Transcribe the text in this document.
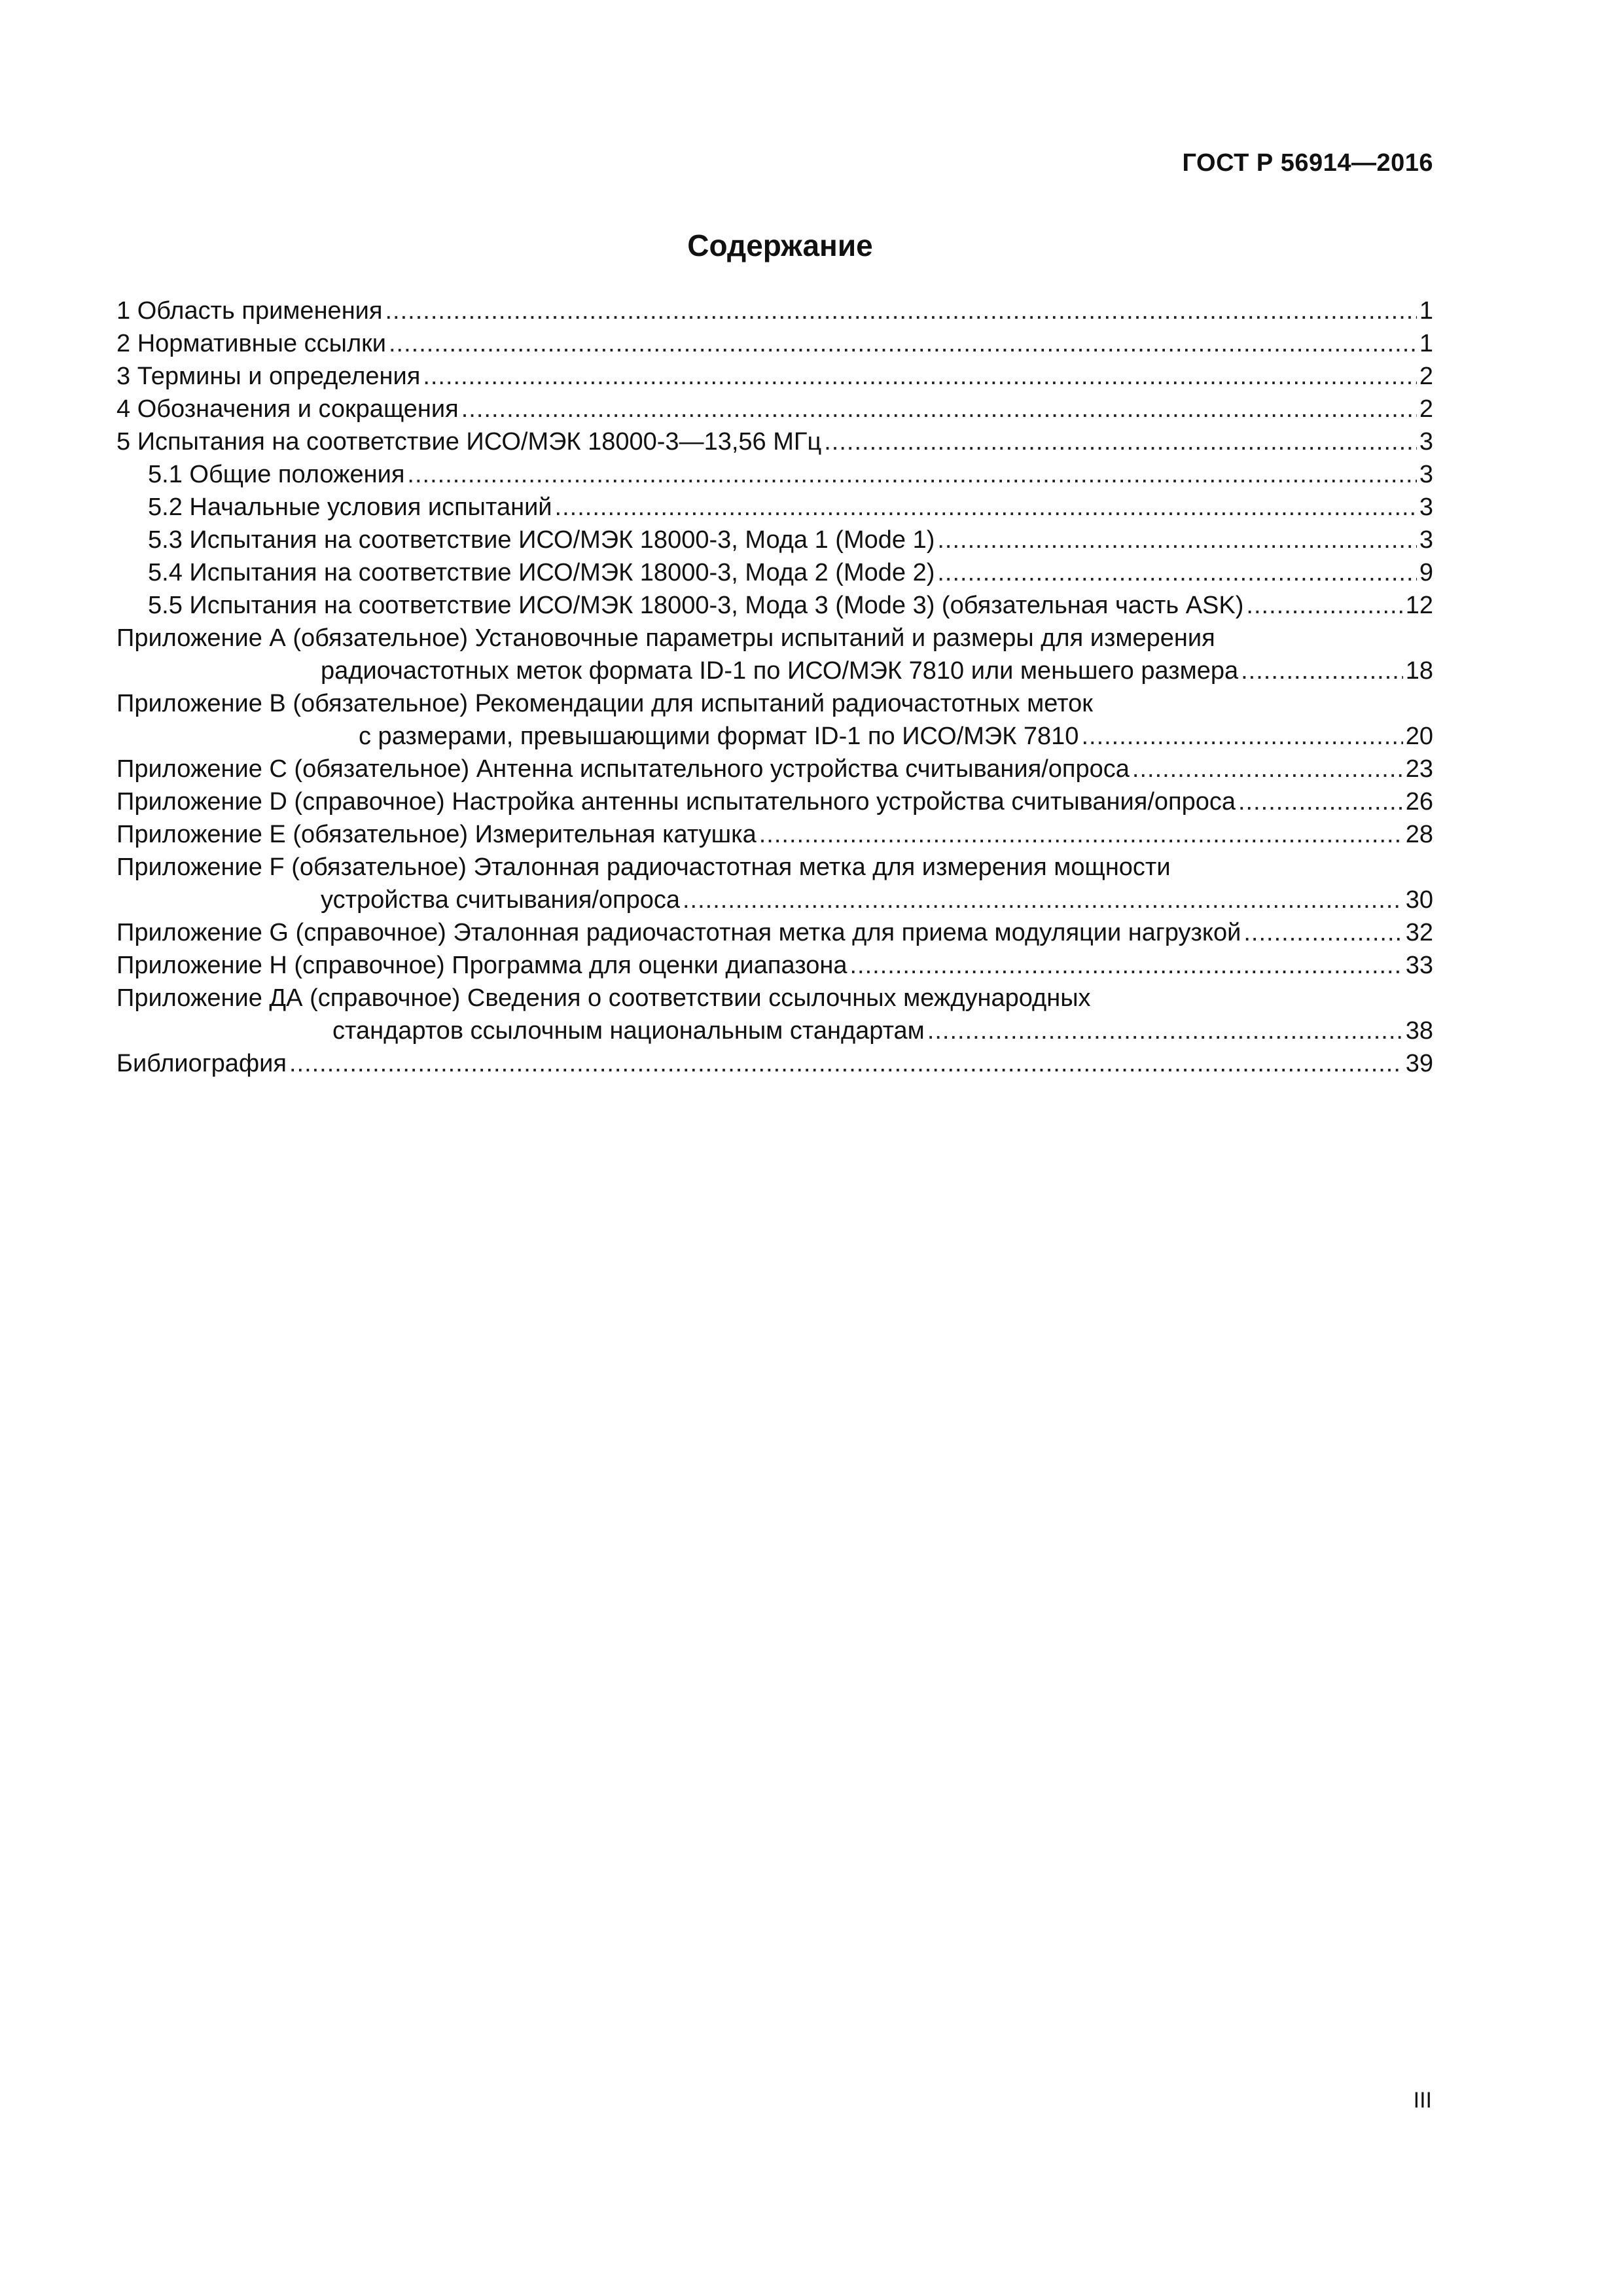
ГОСТ Р 56914—2016
Содержание
1 Область применения .....	1
2 Нормативные ссылки .....	1
3 Термины и определения .....	2
4 Обозначения и сокращения .....	2
5 Испытания на соответствие ИСО/МЭК 18000-3—13,56 МГц .....	3
5.1 Общие положения .....	3
5.2 Начальные условия испытаний .....	3
5.3 Испытания на соответствие ИСО/МЭК 18000-3, Мода 1 (Mode 1) .....	3
5.4 Испытания на соответствие ИСО/МЭК 18000-3, Мода 2 (Mode 2) .....	9
5.5 Испытания на соответствие ИСО/МЭК 18000-3, Мода 3 (Mode 3) (обязательная часть ASK) .....	12
Приложение А (обязательное) Установочные параметры испытаний и размеры для измерения
радиочастотных меток формата ID-1 по ИСО/МЭК 7810 или меньшего размера .....	18
Приложение В (обязательное) Рекомендации для испытаний радиочастотных меток
с размерами, превышающими формат ID-1 по ИСО/МЭК 7810 .....	20
Приложение С (обязательное) Антенна испытательного устройства считывания/опроса .....	23
Приложение D (справочное) Настройка антенны испытательного устройства считывания/опроса .....	26
Приложение E (обязательное) Измерительная катушка .....	28
Приложение F (обязательное) Эталонная радиочастотная метка для измерения мощности
устройства считывания/опроса .....	30
Приложение G (справочное) Эталонная радиочастотная метка для приема модуляции нагрузкой .....	32
Приложение H (справочное) Программа для оценки диапазона .....	33
Приложение ДА (справочное) Сведения о соответствии ссылочных международных
стандартов ссылочным национальным стандартам .....	38
Библиография .....	39
III
